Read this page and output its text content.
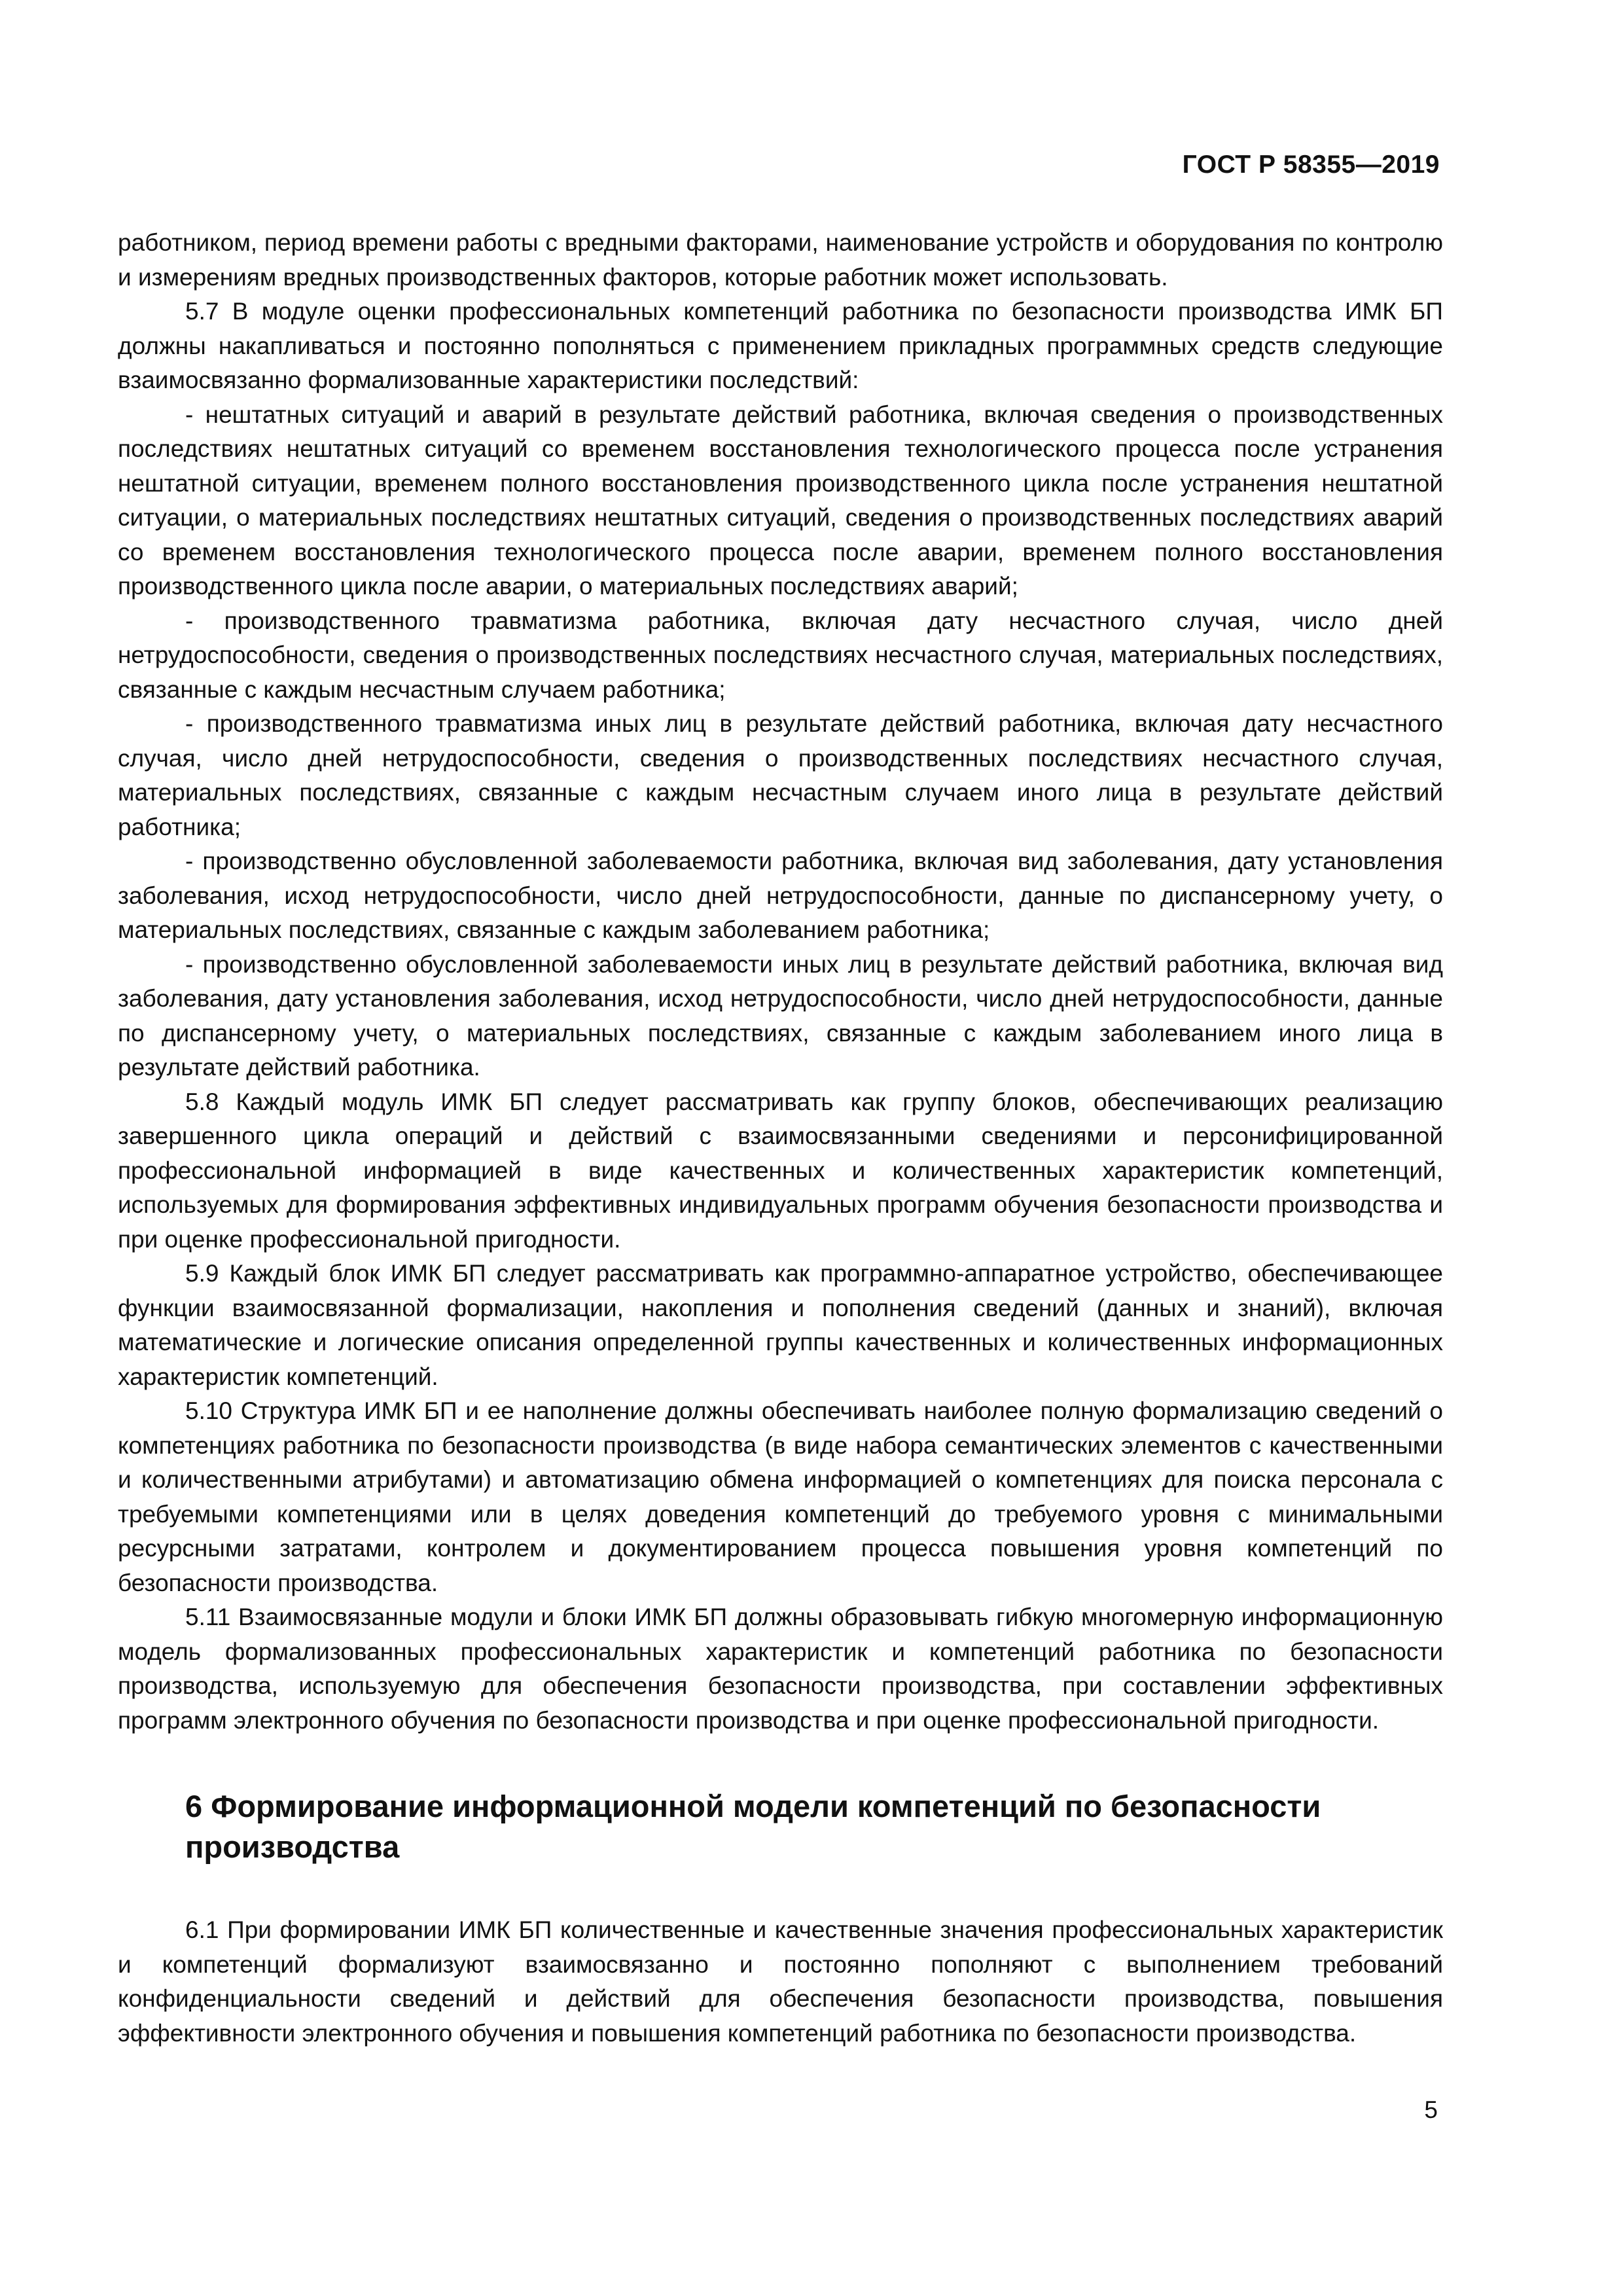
ГОСТ Р 58355—2019

работником, период времени работы с вредными факторами, наименование устройств и оборудования по контролю и измерениям вредных производственных факторов, которые работник может использовать.

5.7 В модуле оценки профессиональных компетенций работника по безопасности производства ИМК БП должны накапливаться и постоянно пополняться с применением прикладных программных средств следующие взаимосвязанно формализованные характеристики последствий:

- нештатных ситуаций и аварий в результате действий работника, включая сведения о производственных последствиях нештатных ситуаций со временем восстановления технологического процесса после устранения нештатной ситуации, временем полного восстановления производственного цикла после устранения нештатной ситуации, о материальных последствиях нештатных ситуаций, сведения о производственных последствиях аварий со временем восстановления технологического процесса после аварии, временем полного восстановления производственного цикла после аварии, о материальных последствиях аварий;

- производственного травматизма работника, включая дату несчастного случая, число дней нетрудоспособности, сведения о производственных последствиях несчастного случая, материальных последствиях, связанные с каждым несчастным случаем работника;

- производственного травматизма иных лиц в результате действий работника, включая дату несчастного случая, число дней нетрудоспособности, сведения о производственных последствиях несчастного случая, материальных последствиях, связанные с каждым несчастным случаем иного лица в результате действий работника;

- производственно обусловленной заболеваемости работника, включая вид заболевания, дату установления заболевания, исход нетрудоспособности, число дней нетрудоспособности, данные по диспансерному учету, о материальных последствиях, связанные с каждым заболеванием работника;

- производственно обусловленной заболеваемости иных лиц в результате действий работника, включая вид заболевания, дату установления заболевания, исход нетрудоспособности, число дней нетрудоспособности, данные по диспансерному учету, о материальных последствиях, связанные с каждым заболеванием иного лица в результате действий работника.

5.8 Каждый модуль ИМК БП следует рассматривать как группу блоков, обеспечивающих реализацию завершенного цикла операций и действий с взаимосвязанными сведениями и персонифицированной профессиональной информацией в виде качественных и количественных характеристик компетенций, используемых для формирования эффективных индивидуальных программ обучения безопасности производства и при оценке профессиональной пригодности.

5.9 Каждый блок ИМК БП следует рассматривать как программно-аппаратное устройство, обеспечивающее функции взаимосвязанной формализации, накопления и пополнения сведений (данных и знаний), включая математические и логические описания определенной группы качественных и количественных информационных характеристик компетенций.

5.10 Структура ИМК БП и ее наполнение должны обеспечивать наиболее полную формализацию сведений о компетенциях работника по безопасности производства (в виде набора семантических элементов с качественными и количественными атрибутами) и автоматизацию обмена информацией о компетенциях для поиска персонала с требуемыми компетенциями или в целях доведения компетенций до требуемого уровня с минимальными ресурсными затратами, контролем и документированием процесса повышения уровня компетенций по безопасности производства.

5.11 Взаимосвязанные модули и блоки ИМК БП должны образовывать гибкую многомерную информационную модель формализованных профессиональных характеристик и компетенций работника по безопасности производства, используемую для обеспечения безопасности производства, при составлении эффективных программ электронного обучения по безопасности производства и при оценке профессиональной пригодности.

6 Формирование информационной модели компетенций по безопасности производства

6.1 При формировании ИМК БП количественные и качественные значения профессиональных характеристик и компетенций формализуют взаимосвязанно и постоянно пополняют с выполнением требований конфиденциальности сведений и действий для обеспечения безопасности производства, повышения эффективности электронного обучения и повышения компетенций работника по безопасности производства.

5
